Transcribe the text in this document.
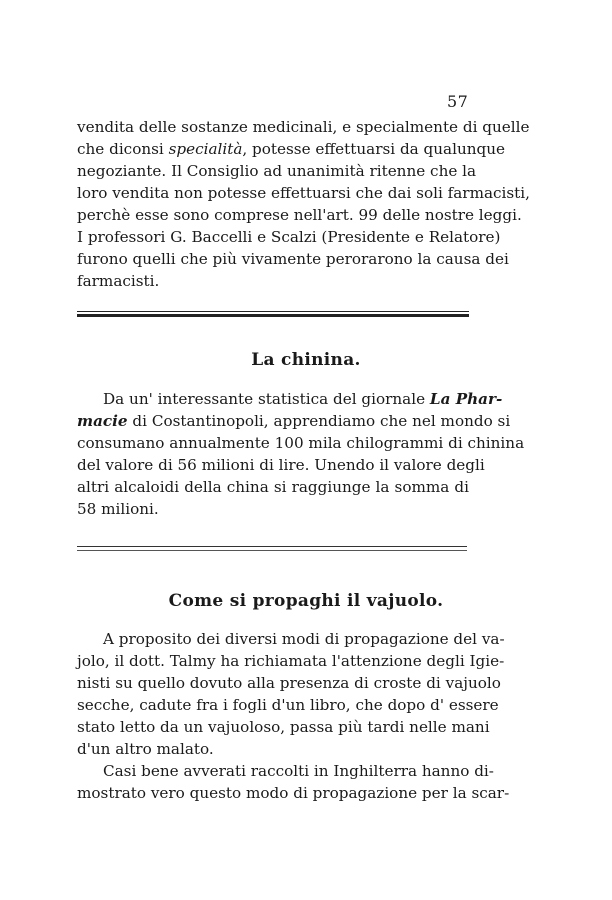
57
vendita delle sostanze medicinali, e specialmente di quelle
che diconsi specialità, potesse effettuarsi da qualunque
negoziante. Il Consiglio ad unanimità ritenne che la
loro vendita non potesse effettuarsi che dai soli farmacisti,
perchè esse sono comprese nell'art. 99 delle nostre leggi.
I professori G. Baccelli e Scalzi (Presidente e Relatore)
furono quelli che più vivamente perorarono la causa dei
farmacisti.
La chinina.
Da un' interessante statistica del giornale La Phar-
macie di Costantinopoli, apprendiamo che nel mondo si
consumano annualmente 100 mila chilogrammi di chinina
del valore di 56 milioni di lire. Unendo il valore degli
altri alcaloidi della china si raggiunge la somma di
58 milioni.
Come si propaghi il vajuolo.
A proposito dei diversi modi di propagazione del va-
jolo, il dott. Talmy ha richiamata l'attenzione degli Igie-
nisti su quello dovuto alla presenza di croste di vajuolo
secche, cadute fra i fogli d'un libro, che dopo d' essere
stato letto da un vajuoloso, passa più tardi nelle mani
d'un altro malato.
Casi bene avverati raccolti in Inghilterra hanno di-
mostrato vero questo modo di propagazione per la scar-
